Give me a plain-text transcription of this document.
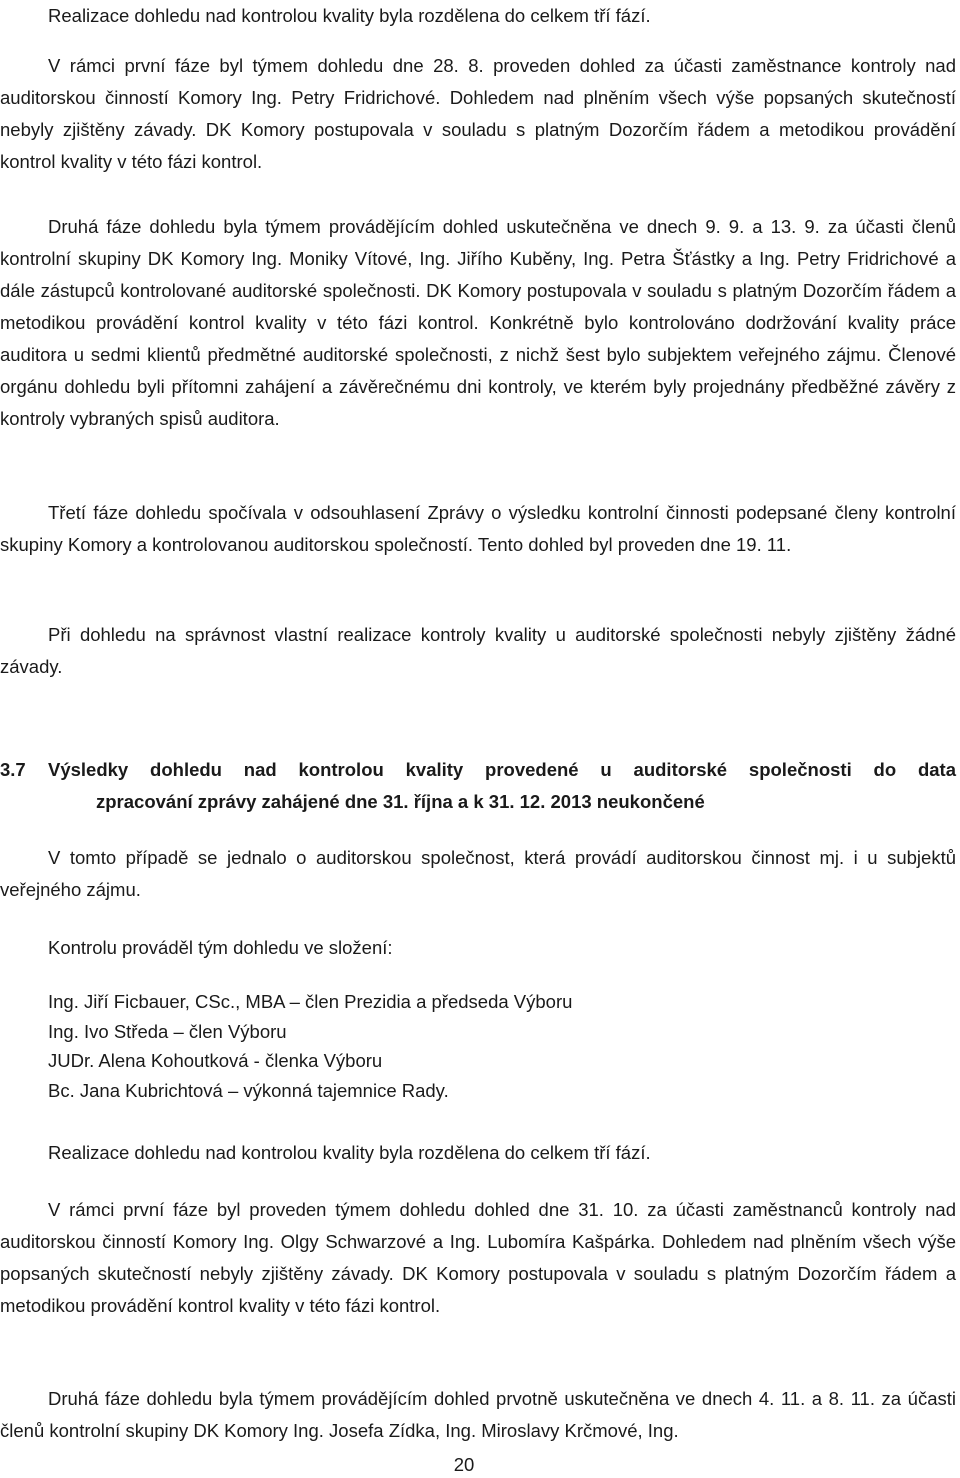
Realizace dohledu nad kontrolou kvality byla rozdělena do celkem tří fází.

V rámci první fáze byl týmem dohledu dne 28. 8. proveden dohled za účasti zaměstnance kontroly nad auditorskou činností Komory Ing. Petry Fridrichové. Dohledem nad plněním všech výše popsaných skutečností nebyly zjištěny závady. DK Komory postupovala v souladu s platným Dozorčím řádem a metodikou provádění kontrol kvality v této fázi kontrol.

Druhá fáze dohledu byla týmem provádějícím dohled uskutečněna ve dnech 9. 9. a 13. 9. za účasti členů kontrolní skupiny DK Komory Ing. Moniky Vítové, Ing. Jiřího Kuběny, Ing. Petra Šťástky a Ing. Petry Fridrichové a dále zástupců kontrolované auditorské společnosti. DK Komory postupovala v souladu s platným Dozorčím řádem a metodikou provádění kontrol kvality v této fázi kontrol. Konkrétně bylo kontrolováno dodržování kvality práce auditora u sedmi klientů předmětné auditorské společnosti, z nichž šest bylo subjektem veřejného zájmu. Členové orgánu dohledu byli přítomni zahájení a závěrečnému dni kontroly, ve kterém byly projednány předběžné závěry z kontroly vybraných spisů auditora.

Třetí fáze dohledu spočívala v odsouhlasení Zprávy o výsledku kontrolní činnosti podepsané členy kontrolní skupiny Komory a kontrolovanou auditorskou společností. Tento dohled byl proveden dne 19. 11.

Při dohledu na správnost vlastní realizace kontroly kvality u auditorské společnosti nebyly zjištěny žádné závady.

3.7 Výsledky dohledu nad kontrolou kvality provedené u auditorské společnosti do data
zpracování zprávy zahájené dne 31. října a k 31. 12. 2013 neukončené

V tomto případě se jednalo o auditorskou společnost, která provádí auditorskou činnost mj. i u subjektů veřejného zájmu.

Kontrolu prováděl tým dohledu ve složení:

Ing. Jiří Ficbauer, CSc., MBA – člen Prezidia a předseda Výboru
Ing. Ivo Středa – člen Výboru
JUDr. Alena Kohoutková - členka Výboru
Bc. Jana Kubrichtová – výkonná tajemnice Rady.

Realizace dohledu nad kontrolou kvality byla rozdělena do celkem tří fází.

V rámci první fáze byl proveden týmem dohledu dohled dne 31. 10. za účasti zaměstnanců kontroly nad auditorskou činností Komory Ing. Olgy Schwarzové a Ing. Lubomíra Kašpárka. Dohledem nad plněním všech výše popsaných skutečností nebyly zjištěny závady. DK Komory postupovala v souladu s platným Dozorčím řádem a metodikou provádění kontrol kvality v této fázi kontrol.

Druhá fáze dohledu byla týmem provádějícím dohled prvotně uskutečněna ve dnech 4. 11. a 8. 11. za účasti členů kontrolní skupiny DK Komory Ing. Josefa Zídka, Ing. Miroslavy Krčmové, Ing.

20
